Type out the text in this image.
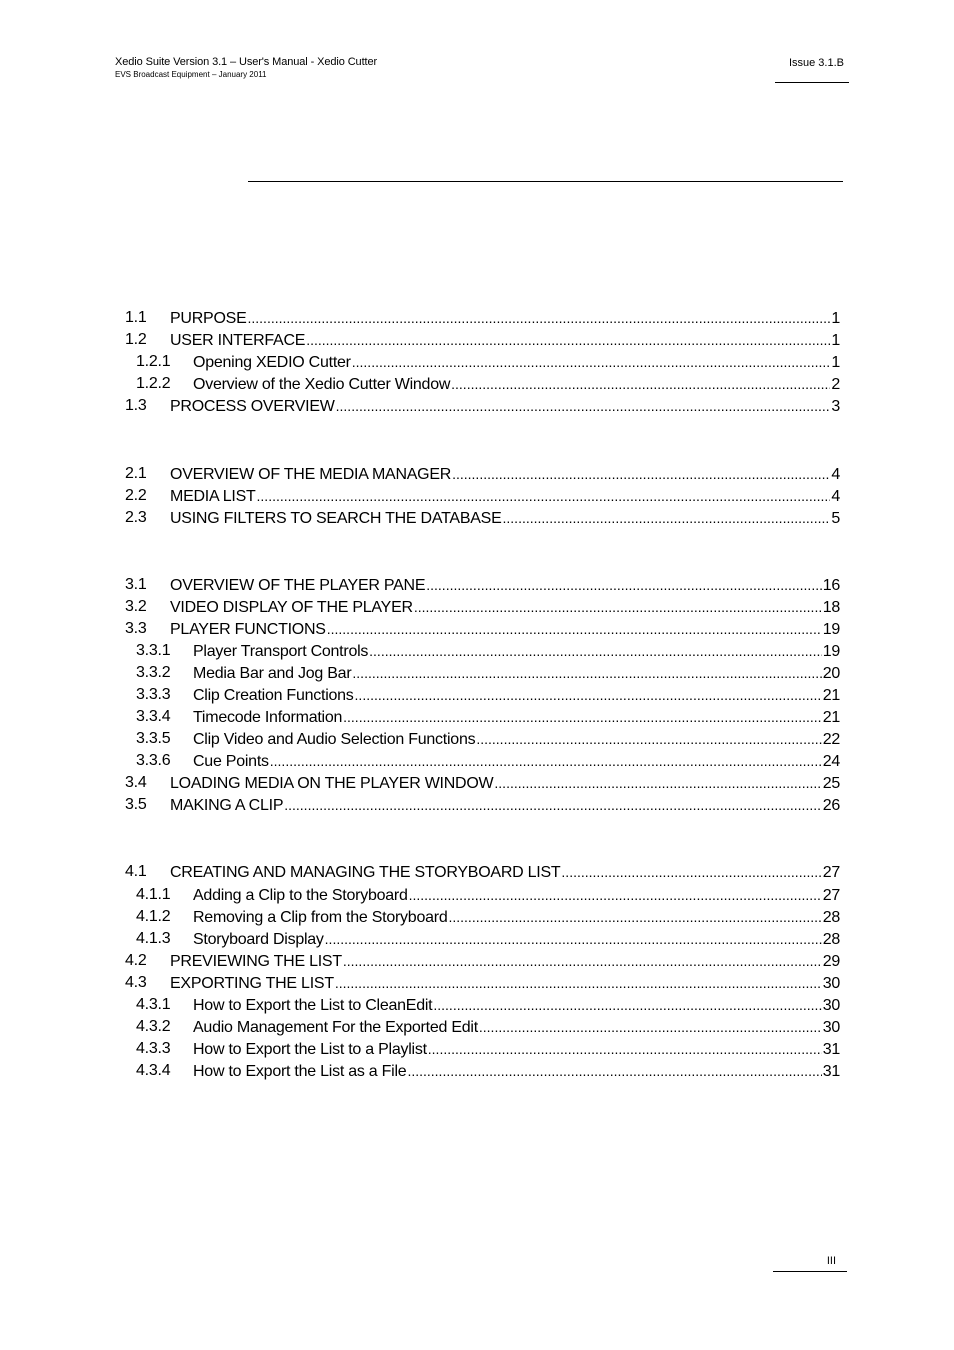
Xedio Suite Version 3.1 – User's Manual - Xedio Cutter
EVS Broadcast Equipment – January 2011
Issue 3.1.B
1.1 PURPOSE .....	1
1.2 USER INTERFACE .....	1
1.2.1 Opening XEDIO Cutter .....	1
1.2.2 Overview of the Xedio Cutter Window .....	2
1.3 PROCESS OVERVIEW .....	3
2.1 OVERVIEW OF THE MEDIA MANAGER .....	4
2.2 MEDIA LIST .....	4
2.3 USING FILTERS TO SEARCH THE DATABASE .....	5
3.1 OVERVIEW OF THE PLAYER PANE .....	16
3.2 VIDEO DISPLAY OF THE PLAYER .....	18
3.3 PLAYER FUNCTIONS .....	19
3.3.1 Player Transport Controls .....	19
3.3.2 Media Bar and Jog Bar .....	20
3.3.3 Clip Creation Functions .....	21
3.3.4 Timecode Information .....	21
3.3.5 Clip Video and Audio Selection Functions .....	22
3.3.6 Cue Points .....	24
3.4 LOADING MEDIA ON THE PLAYER WINDOW .....	25
3.5 MAKING A CLIP .....	26
4.1 CREATING AND MANAGING THE STORYBOARD LIST .....	27
4.1.1 Adding a Clip to the Storyboard .....	27
4.1.2 Removing a Clip from the Storyboard .....	28
4.1.3 Storyboard Display .....	28
4.2 PREVIEWING THE LIST .....	29
4.3 EXPORTING THE LIST .....	30
4.3.1 How to Export the List to CleanEdit .....	30
4.3.2 Audio Management For the Exported Edit .....	30
4.3.3 How to Export the List to a Playlist .....	31
4.3.4 How to Export the List as a File .....	31
III
